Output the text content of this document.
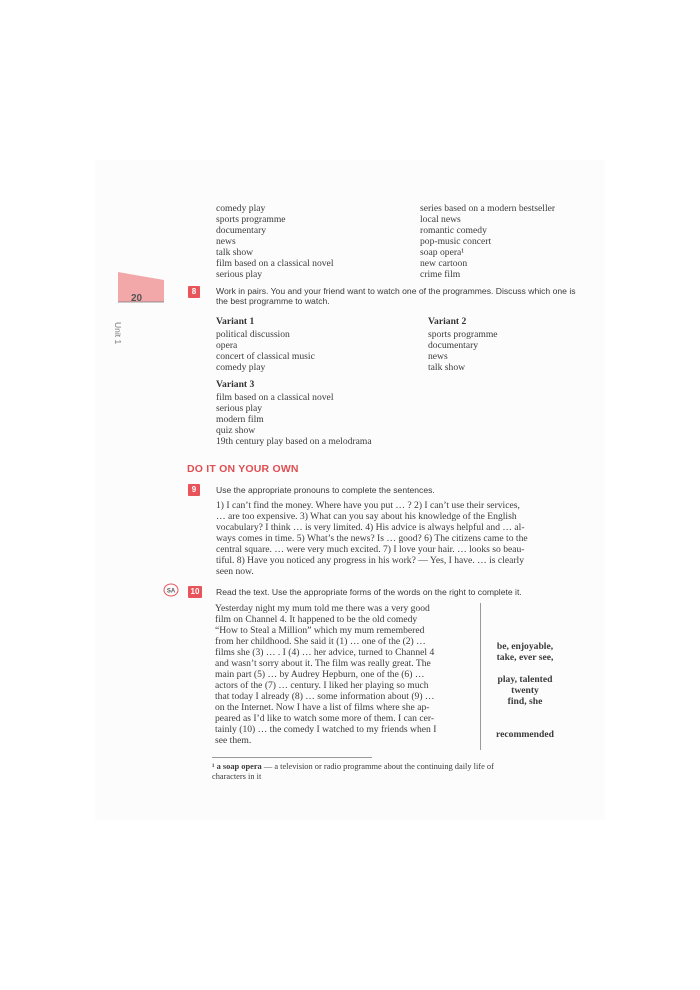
20
Unit 1
comedy play
sports programme
documentary
news
talk show
film based on a classical novel
serious play
series based on a modern bestseller
local news
romantic comedy
pop-music concert
soap opera¹
new cartoon
crime film
8	Work in pairs. You and your friend want to watch one of the programmes. Discuss which one is the best programme to watch.
Variant 1
political discussion
opera
concert of classical music
comedy play
Variant 2
sports programme
documentary
news
talk show
Variant 3
film based on a classical novel
serious play
modern film
quiz show
19th century play based on a melodrama
DO IT ON YOUR OWN
9	Use the appropriate pronouns to complete the sentences.
1) I can’t find the money. Where have you put … ? 2) I can’t use their services,
… are too expensive. 3) What can you say about his knowledge of the English
vocabulary? I think … is very limited. 4) His advice is always helpful and … al-
ways comes in time. 5) What’s the news? Is … good? 6) The citizens came to the
central square. … were very much excited. 7) I love your hair. … looks so beau-
tiful. 8) Have you noticed any progress in his work? — Yes, I have. … is clearly
seen now.
SA	10 Read the text. Use the appropriate forms of the words on the right to complete it.
Yesterday night my mum told me there was a very good
film on Channel 4. It happened to be the old comedy
“How to Steal a Million” which my mum remembered
from her childhood. She said it (1) … one of the (2) …
films she (3) … . I (4) … her advice, turned to Channel 4
and wasn’t sorry about it. The film was really great. The
main part (5) … by Audrey Hepburn, one of the (6) …
actors of the (7) … century. I liked her playing so much
that today I already (8) … some information about (9) …
on the Internet. Now I have a list of films where she ap-
peared as I’d like to watch some more of them. I can cer-
tainly (10) … the comedy I watched to my friends when I
see them.
be, enjoyable,
take, ever see,
play, talented
twenty
find, she
recommended
¹ a soap opera — a television or radio programme about the continuing daily life of
characters in it
